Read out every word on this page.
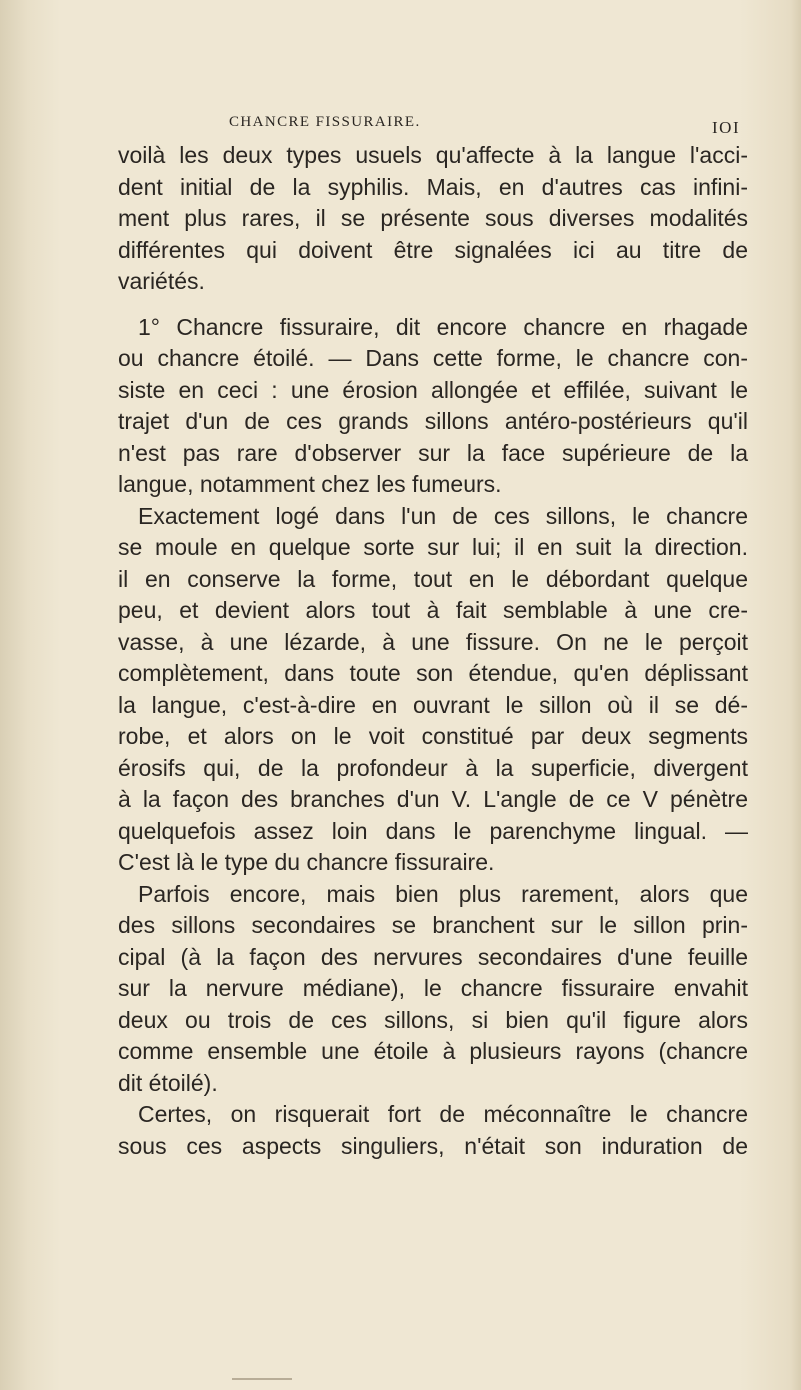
CHANCRE FISSURAIRE.	IOI

voilà les deux types usuels qu'affecte à la langue l'acci-

dent initial de la syphilis. Mais, en d'autres cas infini-

ment plus rares, il se présente sous diverses modalités

différentes qui doivent être signalées ici au titre de

variétés.

1° Chancre fissuraire, dit encore chancre en rhagade

ou chancre étoilé. — Dans cette forme, le chancre con-

siste en ceci : une érosion allongée et effilée, suivant le

trajet d'un de ces grands sillons antéro-postérieurs qu'il

n'est pas rare d'observer sur la face supérieure de la

langue, notamment chez les fumeurs.

Exactement logé dans l'un de ces sillons, le chancre

se moule en quelque sorte sur lui; il en suit la direction.

il en conserve la forme, tout en le débordant quelque

peu, et devient alors tout à fait semblable à une cre-

vasse, à une lézarde, à une fissure. On ne le perçoit

complètement, dans toute son étendue, qu'en déplissant

la langue, c'est-à-dire en ouvrant le sillon où il se dé-

robe, et alors on le voit constitué par deux segments

érosifs qui, de la profondeur à la superficie, divergent

à la façon des branches d'un V. L'angle de ce V pénètre

quelquefois assez loin dans le parenchyme lingual. —

C'est là le type du chancre fissuraire.

Parfois encore, mais bien plus rarement, alors que

des sillons secondaires se branchent sur le sillon prin-

cipal (à la façon des nervures secondaires d'une feuille

sur la nervure médiane), le chancre fissuraire envahit

deux ou trois de ces sillons, si bien qu'il figure alors

comme ensemble une étoile à plusieurs rayons (chancre

dit étoilé).

Certes, on risquerait fort de méconnaître le chancre

sous ces aspects singuliers, n'était son induration de
